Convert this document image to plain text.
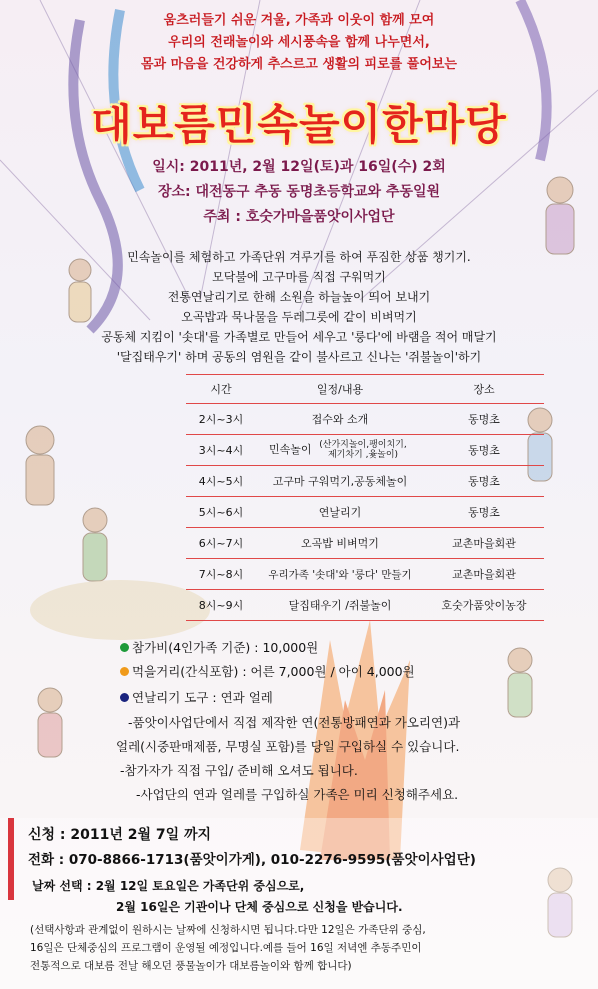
움츠러들기 쉬운 겨울, 가족과 이웃이 함께 모여
우리의 전래놀이와 세시풍속을 함께 나누면서,
몸과 마음을 건강하게 추스르고 생활의 피로를 풀어보는
대보름민속놀이한마당
일시: 2011년, 2월 12일(토)과 16일(수) 2회
장소: 대전동구 추동 동명초등학교와 추동일원
주최 : 호숫가마을품앗이사업단
민속놀이를 체험하고 가족단위 겨루기를 하여 푸짐한 상품 챙기기.
모닥불에 고구마를 직접 구워먹기
전통연날리기로 한해 소원을 하늘높이 띄어 보내기
오곡밥과 묵나물을 두레그릇에 같이 비벼먹기
공동체 지킴이 '솟대'를 가족별로 만들어 세우고 '룽다'에 바램을 적어 매달기
'달집태우기' 하며 공동의 염원을 같이 불사르고 신나는 '쥐불놀이'하기
시간	일정/내용	장소
2시~3시	접수와 소개	동명초
3시~4시	민속놀이 (산가지놀이,팽이치기,제기차기 ,윷놀이)	동명초
4시~5시	고구마 구워먹기,공동체놀이	동명초
5시~6시	연날리기	동명초
6시~7시	오곡밥 비벼먹기	교촌마을회관
7시~8시	우리가족 '솟대'와 '룽다' 만들기	교촌마을회관
8시~9시	달집태우기 /쥐불놀이	호숫가품앗이농장
참가비(4인가족 기준) : 10,000원
먹을거리(간식포함) : 어른 7,000원 / 아이 4,000원
연날리기 도구 : 연과 얼레
-품앗이사업단에서 직접 제작한 연(전통방패연과 가오리연)과
얼레(시중판매제품, 무명실 포함)를 당일 구입하실 수 있습니다.
-참가자가 직접 구입/ 준비해 오셔도 됩니다.
-사업단의 연과 얼레를 구입하실 가족은 미리 신청해주세요.
신청 : 2011년 2월 7일 까지
전화 : 070-8866-1713(품앗이가게), 010-2276-9595(품앗이사업단)
날짜 선택 : 2월 12일 토요일은 가족단위 중심으로,
2월 16일은 기관이나 단체 중심으로 신청을 받습니다.
(선택사항과 관계없이 원하시는 날짜에 신청하시면 됩니다.다만 12일은 가족단위 중심,
16일은 단체중심의 프로그램이 운영될 예정입니다.예를 들어 16일 저녁엔 추동주민이
전통적으로 대보름 전날 해오던 풍물놀이가 대보름놀이와 함께 합니다)
